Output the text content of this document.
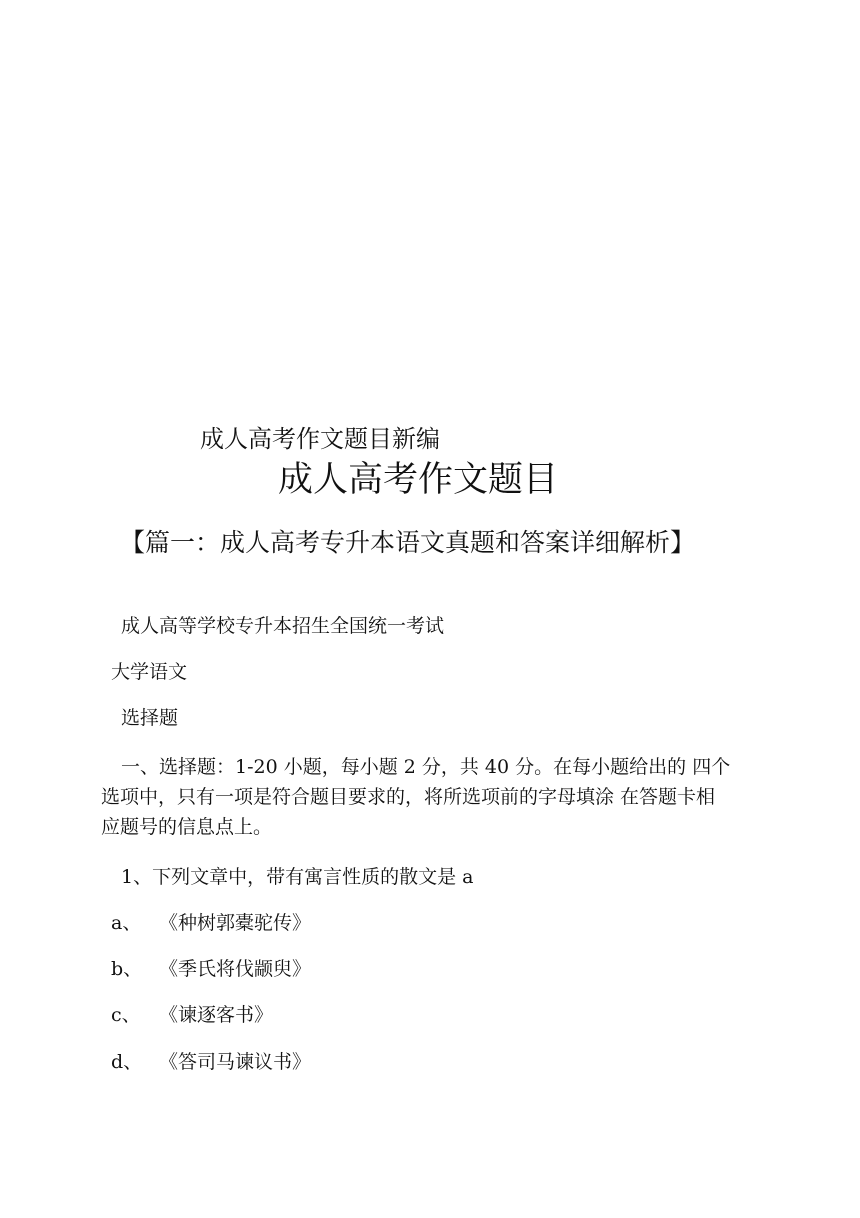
成人高考作文题目新编
成人高考作文题目
【篇一：成人高考专升本语文真题和答案详细解析】
成人高等学校专升本招生全国统一考试
大学语文
选择题
一、选择题：1-20 小题，每小题 2 分，共 40 分。在每小题给出的 四个选项中，只有一项是符合题目要求的，将所选项前的字母填涂 在答题卡相应题号的信息点上。
1、下列文章中，带有寓言性质的散文是 a
a、 《种树郭橐驼传》
b、 《季氏将伐颛臾》
c、 《谏逐客书》
d、 《答司马谏议书》
